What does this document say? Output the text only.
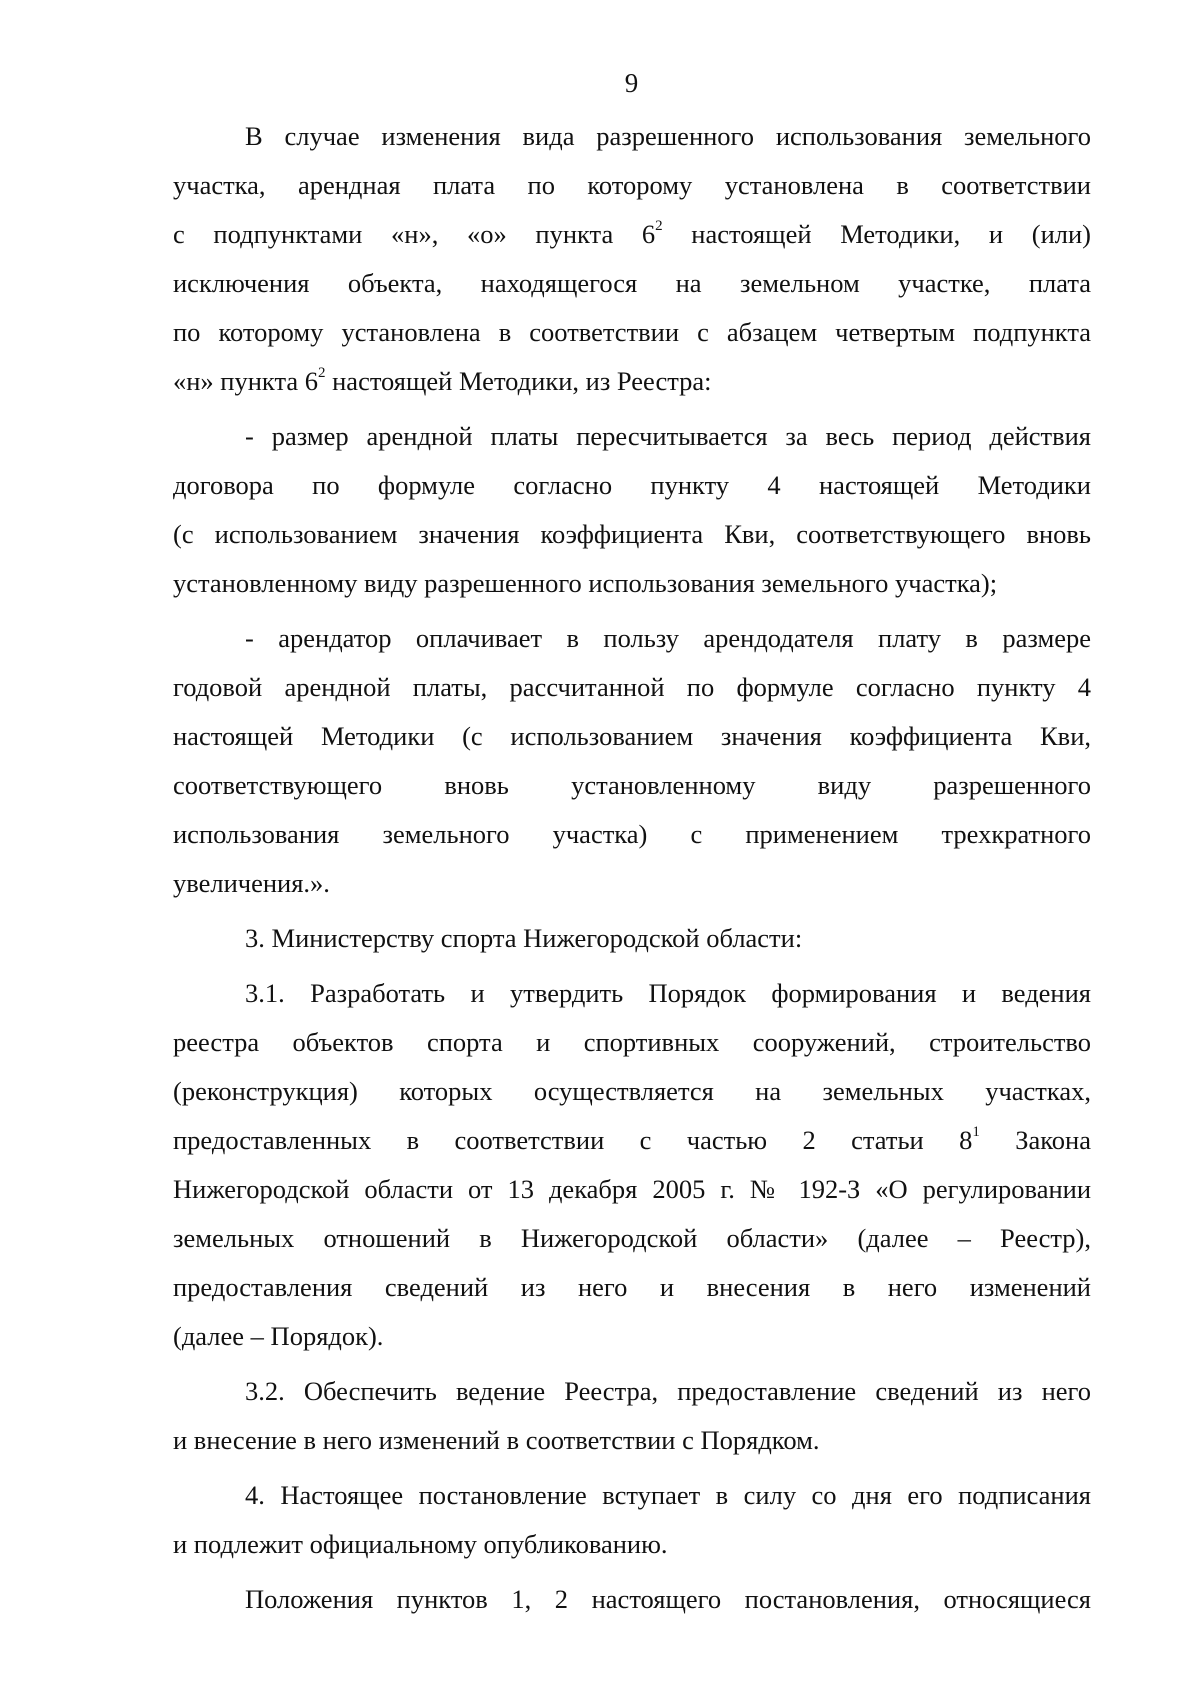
9
В случае изменения вида разрешенного использования земельного
участка, арендная плата по которому установлена в соответствии
с подпунктами «н», «о» пункта $6^2$ настоящей Методики, и (или)
исключения объекта, находящегося на земельном участке, плата
по которому установлена в соответствии с абзацем четвертым подпункта
«н» пункта $6^2$ настоящей Методики, из Реестра:
- размер арендной платы пересчитывается за весь период действия
договора по формуле согласно пункту 4 настоящей Методики
(с использованием значения коэффициента Кви, соответствующего вновь
установленному виду разрешенного использования земельного участка);
- арендатор оплачивает в пользу арендодателя плату в размере
годовой арендной платы, рассчитанной по формуле согласно пункту 4
настоящей Методики (с использованием значения коэффициента Кви,
соответствующего вновь установленному виду разрешенного
использования земельного участка) с применением трехкратного
увеличения.».
3. Министерству спорта Нижегородской области:
3.1. Разработать и утвердить Порядок формирования и ведения
реестра объектов спорта и спортивных сооружений, строительство
(реконструкция) которых осуществляется на земельных участках,
предоставленных в соответствии с частью 2 статьи $8^1$ Закона
Нижегородской области от 13 декабря 2005 г. № 192-З «О регулировании
земельных отношений в Нижегородской области» (далее – Реестр),
предоставления сведений из него и внесения в него изменений
(далее – Порядок).
3.2. Обеспечить ведение Реестра, предоставление сведений из него
и внесение в него изменений в соответствии с Порядком.
4. Настоящее постановление вступает в силу со дня его подписания
и подлежит официальному опубликованию.
Положения пунктов 1, 2 настоящего постановления, относящиеся
